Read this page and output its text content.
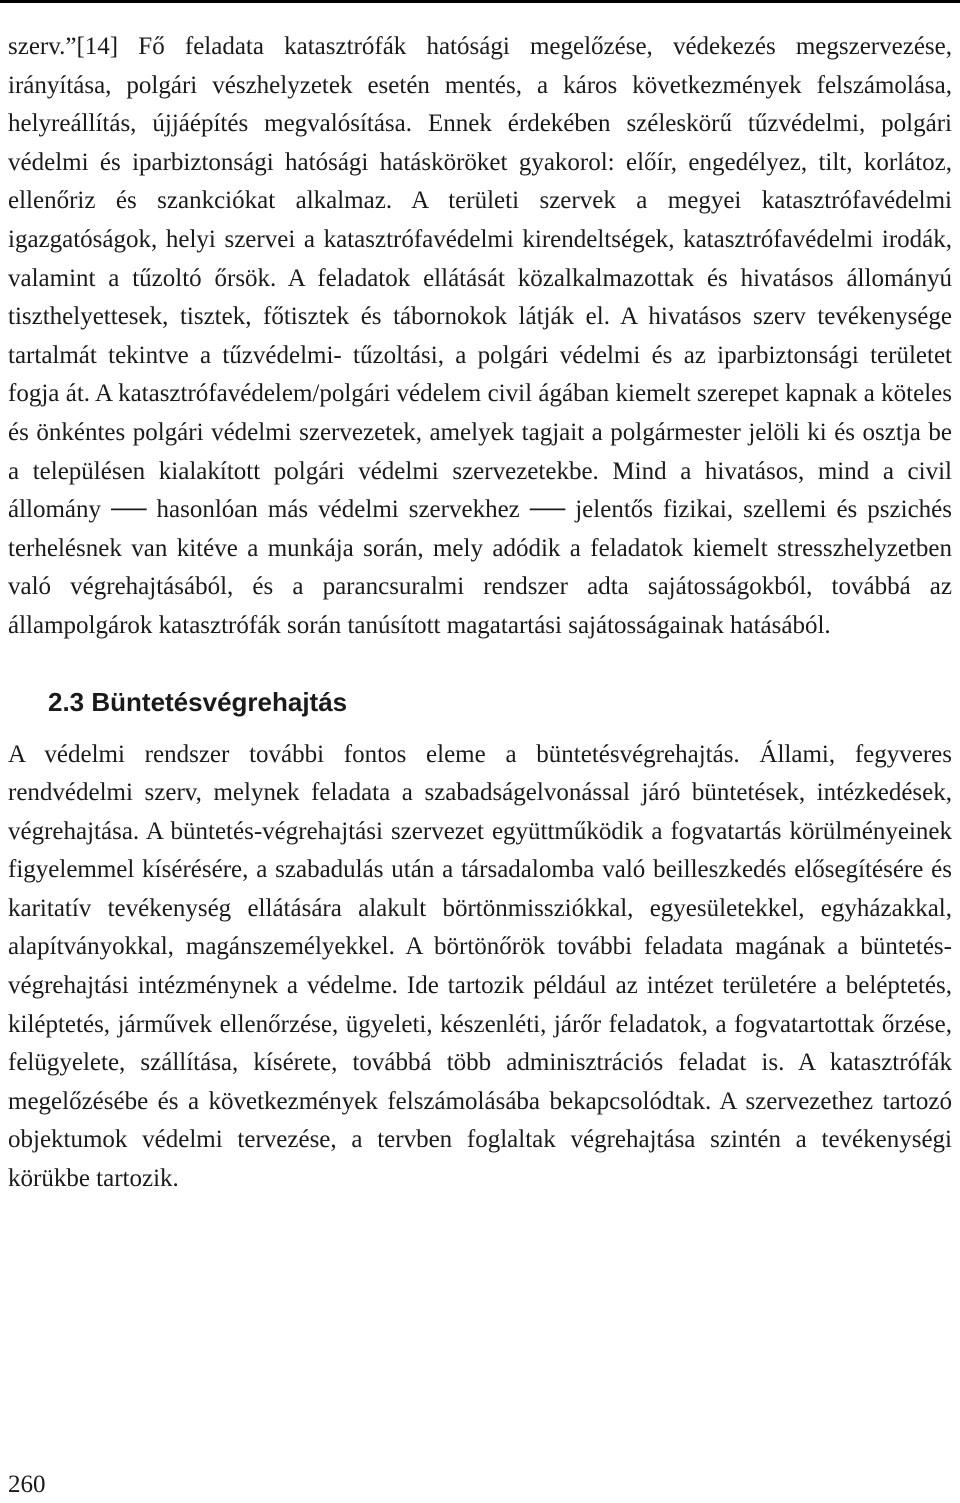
szerv.”[14] Fő feladata katasztrófák hatósági megelőzése, védekezés megszervezése, irányítása, polgári vészhelyzetek esetén mentés, a káros következmények felszámolása, helyreállítás, újjáépítés megvalósítása. Ennek érdekében széleskörű tűzvédelmi, polgári védelmi és iparbiztonsági hatósági hatásköröket gyakorol: előír, engedélyez, tilt, korlátoz, ellenőriz és szankciókat alkalmaz. A területi szervek a megyei katasztrófavédelmi igazgatóságok, helyi szervei a katasztrófavédelmi kirendeltségek, katasztrófavédelmi irodák, valamint a tűzoltó őrsök. A feladatok ellátását közalkalmazottak és hivatásos állományú tiszthelyettesek, tisztek, főtisztek és tábornokok látják el. A hivatásos szerv tevékenysége tartalmát tekintve a tűzvédelmi- tűzoltási, a polgári védelmi és az iparbiztonsági területet fogja át. A katasztrófavédelem/polgári védelem civil ágában kiemelt szerepet kapnak a köteles és önkéntes polgári védelmi szervezetek, amelyek tagjait a polgármester jelöli ki és osztja be a településen kialakított polgári védelmi szervezetekbe. Mind a hivatásos, mind a civil állomány ── hasonlóan más védelmi szervekhez ── jelentős fizikai, szellemi és pszichés terhelésnek van kitéve a munkája során, mely adódik a feladatok kiemelt stresszhelyzetben való végrehajtásából, és a parancsuralmi rendszer adta sajátosságokból, továbbá az állampolgárok katasztrófák során tanúsított magatartási sajátosságainak hatásából.

2.3 Büntetésvégrehajtás

A védelmi rendszer további fontos eleme a büntetésvégrehajtás. Állami, fegyveres rendvédelmi szerv, melynek feladata a szabadságelvonással járó büntetések, intézkedések, végrehajtása. A büntetés-végrehajtási szervezet együttműködik a fogvatartás körülményeinek figyelemmel kísérésére, a szabadulás után a társadalomba való beilleszkedés elősegítésére és karitatív tevékenység ellátására alakult börtönmissziókkal, egyesületekkel, egyházakkal, alapítványokkal, magánszemélyekkel. A börtönőrök további feladata magának a büntetés-végrehajtási intézménynek a védelme. Ide tartozik például az intézet területére a beléptetés, kiléptetés, járművek ellenőrzése, ügyeleti, készenléti, járőr feladatok, a fogvatartottak őrzése, felügyelete, szállítása, kísérete, továbbá több adminisztrációs feladat is. A katasztrófák megelőzésébe és a következmények felszámolásába bekapcsolódtak. A szervezethez tartozó objektumok védelmi tervezése, a tervben foglaltak végrehajtása szintén a tevékenységi körükbe tartozik.

260
